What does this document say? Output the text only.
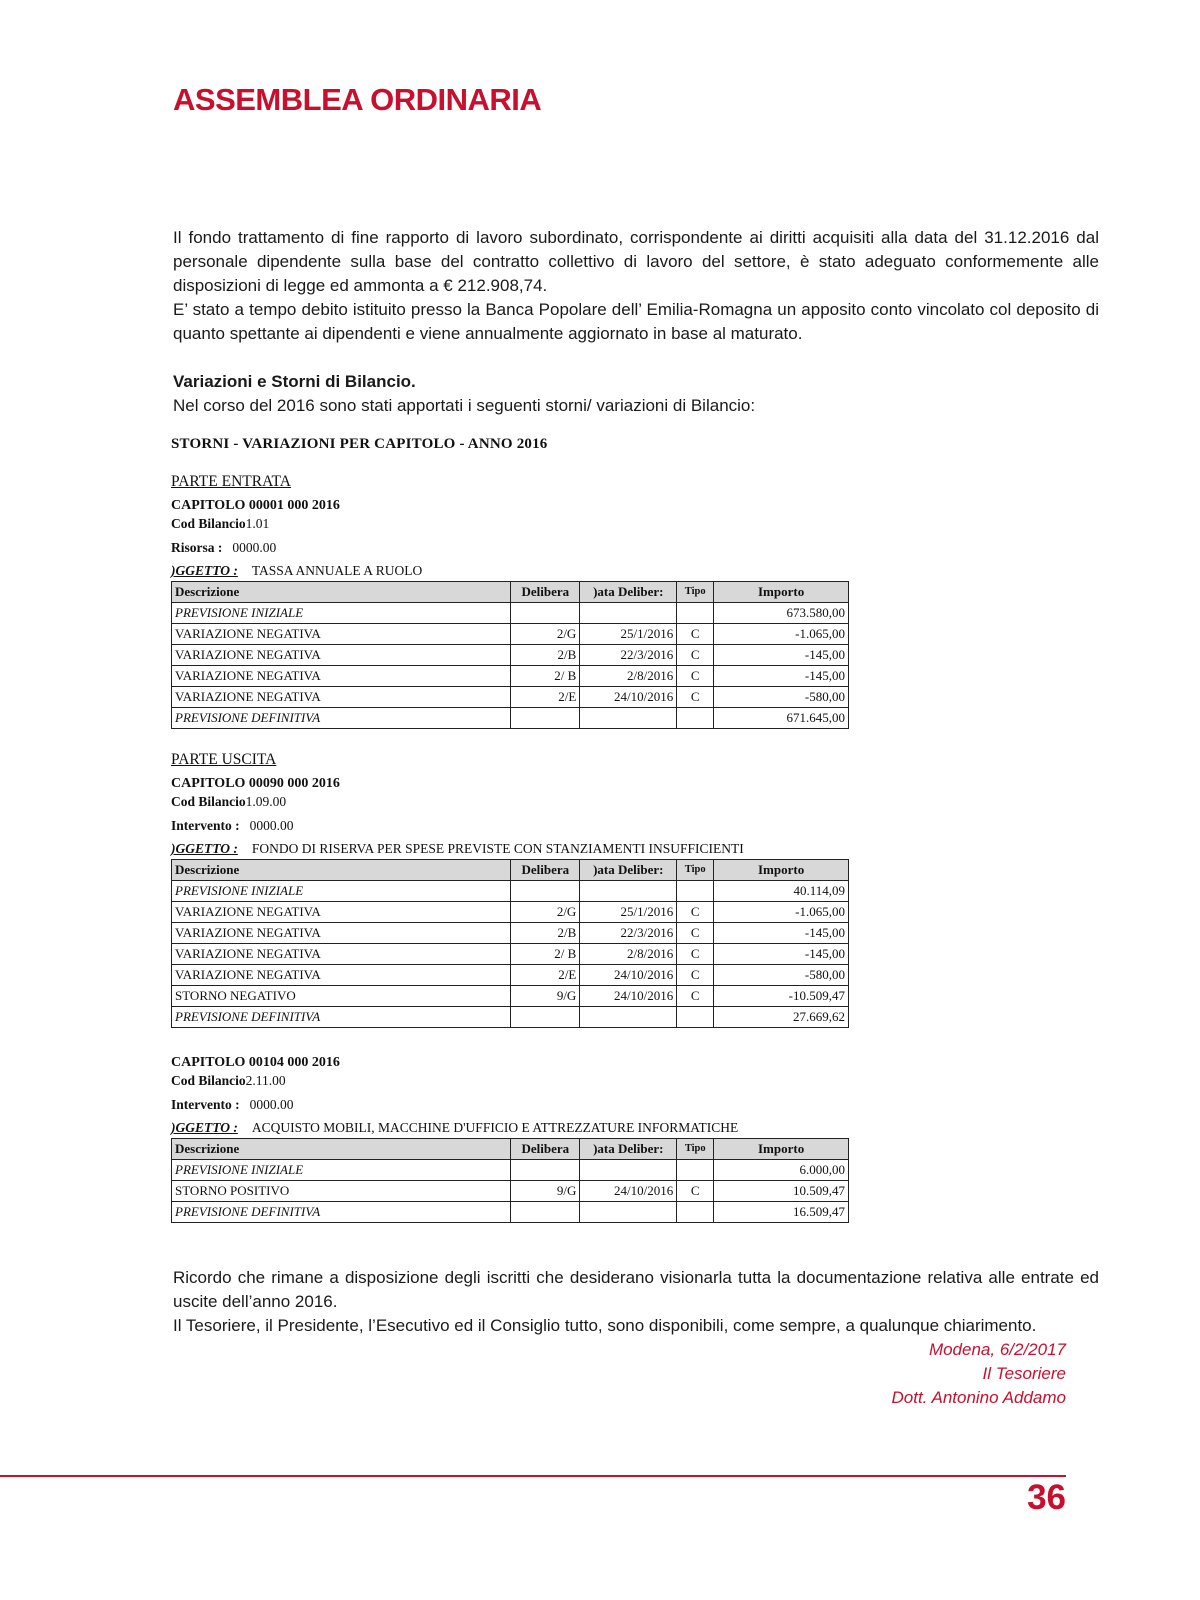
ASSEMBLEA ORDINARIA

Il fondo trattamento di fine rapporto di lavoro subordinato, corrispondente ai diritti acquisiti alla data del 31.12.2016 dal personale dipendente sulla base del contratto collettivo di lavoro del settore, è stato adeguato conformemente alle disposizioni di legge ed ammonta a € 212.908,74.

E’ stato a tempo debito istituito presso la Banca Popolare dell’ Emilia-Romagna un apposito conto vincolato col deposito di quanto spettante ai dipendenti e viene annualmente aggiornato in base al maturato.

Variazioni e Storni di Bilancio.

Nel corso del 2016 sono stati apportati i seguenti storni/ variazioni di Bilancio:

STORNI - VARIAZIONI PER CAPITOLO - ANNO 2016
PARTE ENTRATA
CAPITOLO 00001 000 2016
Cod Bilancio1.01
Risorsa : 0000.00
)GGETTO : TASSA ANNUALE A RUOLO
Descrizione	Delibera	)ata Deliber:	Tipo	Importo
PREVISIONE INIZIALE				673.580,00
VARIAZIONE NEGATIVA	2/G	25/1/2016	C	-1.065,00
VARIAZIONE NEGATIVA	2/B	22/3/2016	C	-145,00
VARIAZIONE NEGATIVA	2/ B	2/8/2016	C	-145,00
VARIAZIONE NEGATIVA	2/E	24/10/2016	C	-580,00
PREVISIONE DEFINITIVA				671.645,00
PARTE USCITA
CAPITOLO 00090 000 2016
Cod Bilancio1.09.00
Intervento : 0000.00
)GGETTO : FONDO DI RISERVA PER SPESE PREVISTE CON STANZIAMENTI INSUFFICIENTI
Descrizione	Delibera	)ata Deliber:	Tipo	Importo
PREVISIONE INIZIALE				40.114,09
VARIAZIONE NEGATIVA	2/G	25/1/2016	C	-1.065,00
VARIAZIONE NEGATIVA	2/B	22/3/2016	C	-145,00
VARIAZIONE NEGATIVA	2/ B	2/8/2016	C	-145,00
VARIAZIONE NEGATIVA	2/E	24/10/2016	C	-580,00
STORNO NEGATIVO	9/G	24/10/2016	C	-10.509,47
PREVISIONE DEFINITIVA				27.669,62
CAPITOLO 00104 000 2016
Cod Bilancio2.11.00
Intervento : 0000.00
)GGETTO : ACQUISTO MOBILI, MACCHINE D'UFFICIO E ATTREZZATURE INFORMATICHE
Descrizione	Delibera	)ata Deliber:	Tipo	Importo
PREVISIONE INIZIALE				6.000,00
STORNO POSITIVO	9/G	24/10/2016	C	10.509,47
PREVISIONE DEFINITIVA				16.509,47

Ricordo che rimane a disposizione degli iscritti che desiderano visionarla tutta la documentazione relativa alle entrate ed uscite dell’anno 2016.

Il Tesoriere, il Presidente, l’Esecutivo ed il Consiglio tutto, sono disponibili, come sempre, a qualunque chiarimento.

Modena, 6/2/2017
Il Tesoriere
Dott. Antonino Addamo
36
